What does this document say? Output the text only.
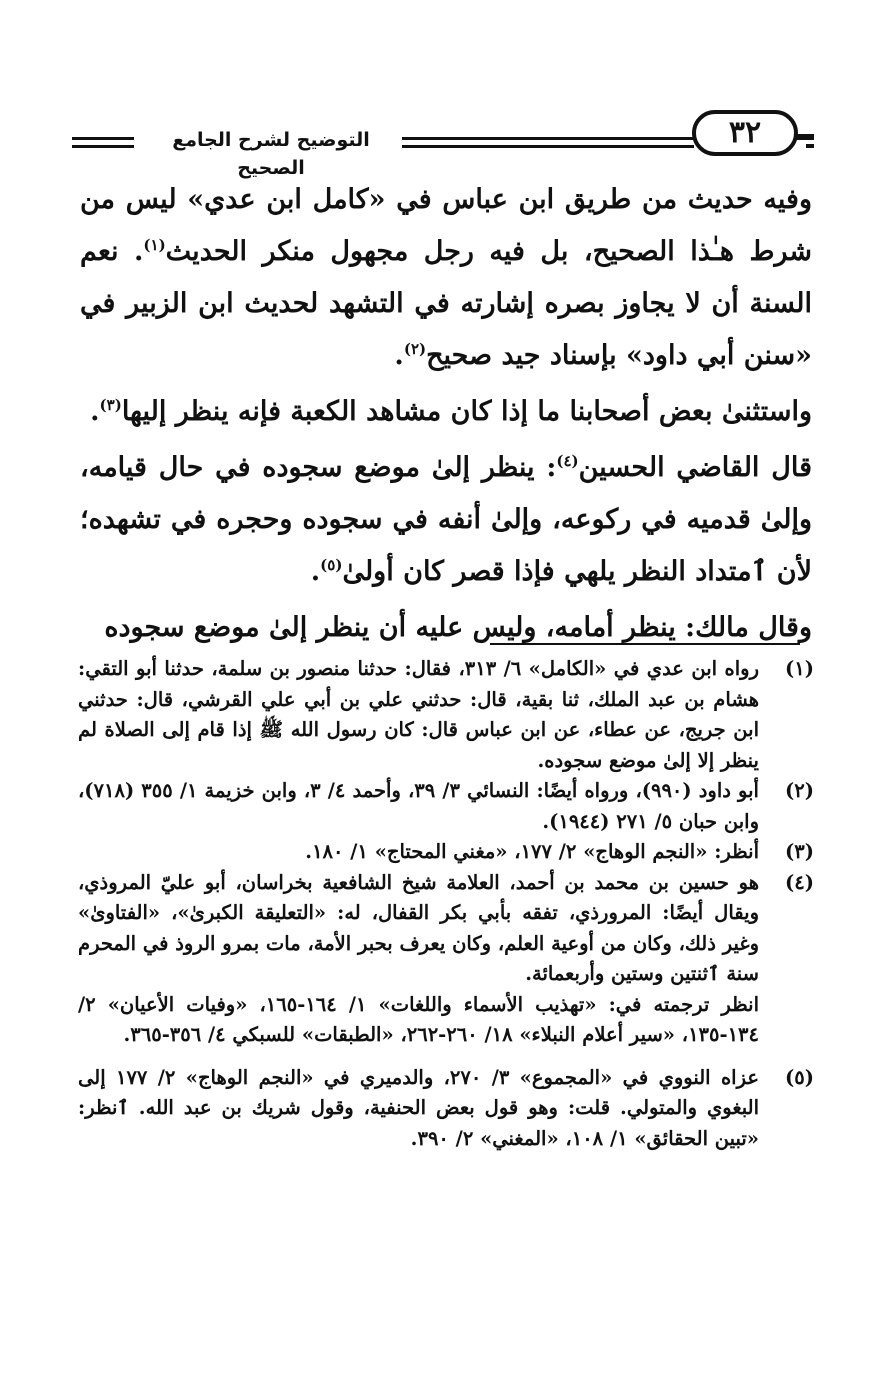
التوضيح لشرح الجامع الصحيح
٣٢

وفيه حديث من طريق ابن عباس في «كامل ابن عدي» ليس من شرط هـٰذا الصحيح، بل فيه رجل مجهول منكر الحديث$^{(١)}$. نعم السنة أن لا يجاوز بصره إشارته في التشهد لحديث ابن الزبير في «سنن أبي داود» بإسناد جيد صحيح$^{(٢)}$.

واستثنىٰ بعض أصحابنا ما إذا كان مشاهد الكعبة فإنه ينظر إليها$^{(٣)}$.

قال القاضي الحسين$^{(٤)}$: ينظر إلىٰ موضع سجوده في حال قيامه، وإلىٰ قدميه في ركوعه، وإلىٰ أنفه في سجوده وحجره في تشهده؛ لأن ٱمتداد النظر يلهي فإذا قصر كان أولىٰ$^{(٥)}$.

وقال مالك: ينظر أمامه، وليس عليه أن ينظر إلىٰ موضع سجوده

(١)

رواه ابن عدي في «الكامل» ٦/ ٣١٣، فقال: حدثنا منصور بن سلمة، حدثنا أبو التقي: هشام بن عبد الملك، ثنا بقية، قال: حدثني علي بن أبي علي القرشي، قال: حدثني ابن جريج، عن عطاء، عن ابن عباس قال: كان رسول الله ﷺ إذا قام إلى الصلاة لم ينظر إلا إلىٰ موضع سجوده.

(٢)

أبو داود (٩٩٠)، ورواه أيضًا: النسائي ٣/ ٣٩، وأحمد ٤/ ٣، وابن خزيمة ١/ ٣٥٥ (٧١٨)، وابن حبان ٥/ ٢٧١ (١٩٤٤).

(٣)

أنظر: «النجم الوهاج» ٢/ ١٧٧، «مغني المحتاج» ١/ ١٨٠.

(٤)

هو حسين بن محمد بن أحمد، العلامة شيخ الشافعية بخراسان، أبو عليّ المروذي، ويقال أيضًا: المرورذي، تفقه بأبي بكر القفال، له: «التعليقة الكبرىٰ»، «الفتاوىٰ» وغير ذلك، وكان من أوعية العلم، وكان يعرف بحبر الأمة، مات بمرو الروذ في المحرم سنة ٱثنتين وستين وأربعمائة.

انظر ترجمته في: «تهذيب الأسماء واللغات» ١/ ١٦٤-١٦٥، «وفيات الأعيان» ٢/ ١٣٤-١٣٥، «سير أعلام النبلاء» ١٨/ ٢٦٠-٢٦٢، «الطبقات» للسبكي ٤/ ٣٥٦-٣٦٥.

(٥)

عزاه النووي في «المجموع» ٣/ ٢٧٠، والدميري في «النجم الوهاج» ٢/ ١٧٧ إلى البغوي والمتولي. قلت: وهو قول بعض الحنفية، وقول شريك بن عبد الله. ٱنظر: «تبين الحقائق» ١/ ١٠٨، «المغني» ٢/ ٣٩٠.
